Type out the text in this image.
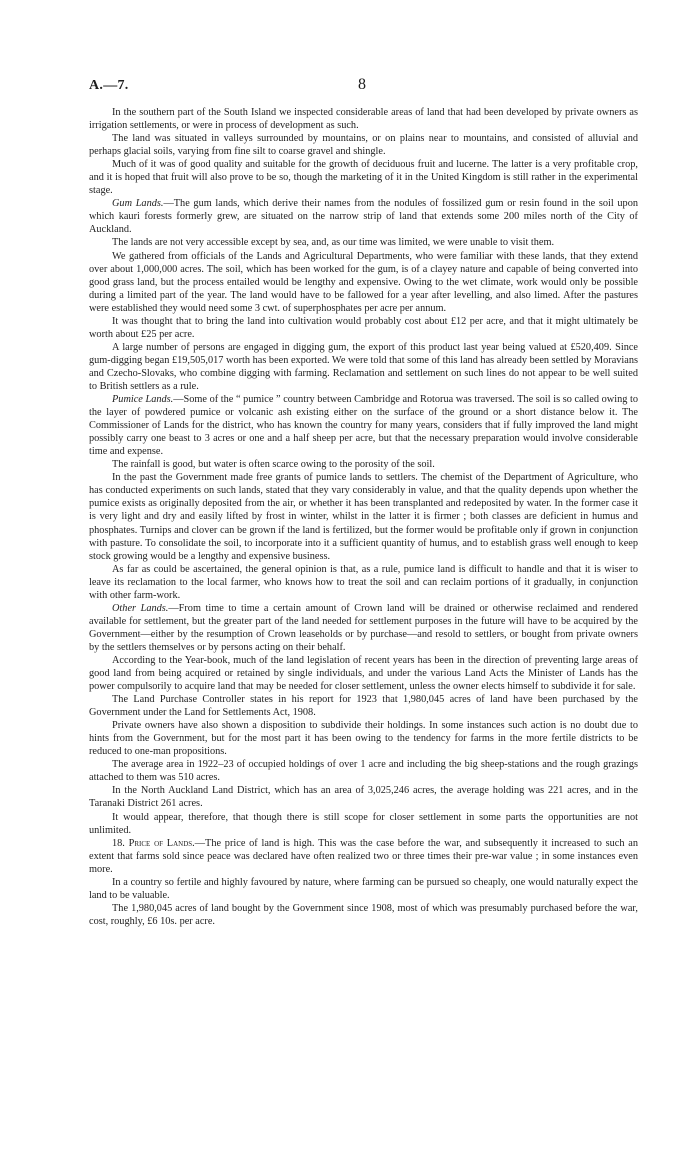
A.—7.	8

In the southern part of the South Island we inspected considerable areas of land that had been developed by private owners as irrigation settlements, or were in process of development as such.

The land was situated in valleys surrounded by mountains, or on plains near to mountains, and consisted of alluvial and perhaps glacial soils, varying from fine silt to coarse gravel and shingle.

Much of it was of good quality and suitable for the growth of deciduous fruit and lucerne. The latter is a very profitable crop, and it is hoped that fruit will also prove to be so, though the marketing of it in the United Kingdom is still rather in the experimental stage.

Gum Lands.—The gum lands, which derive their names from the nodules of fossilized gum or resin found in the soil upon which kauri forests formerly grew, are situated on the narrow strip of land that extends some 200 miles north of the City of Auckland.

The lands are not very accessible except by sea, and, as our time was limited, we were unable to visit them.

We gathered from officials of the Lands and Agricultural Departments, who were familiar with these lands, that they extend over about 1,000,000 acres. The soil, which has been worked for the gum, is of a clayey nature and capable of being converted into good grass land, but the process entailed would be lengthy and expensive. Owing to the wet climate, work would only be possible during a limited part of the year. The land would have to be fallowed for a year after levelling, and also limed. After the pastures were established they would need some 3 cwt. of superphosphates per acre per annum.

It was thought that to bring the land into cultivation would probably cost about £12 per acre, and that it might ultimately be worth about £25 per acre.

A large number of persons are engaged in digging gum, the export of this product last year being valued at £520,409. Since gum-digging began £19,505,017 worth has been exported. We were told that some of this land has already been settled by Moravians and Czecho-Slovaks, who combine digging with farming. Reclamation and settlement on such lines do not appear to be well suited to British settlers as a rule.

Pumice Lands.—Some of the “ pumice ” country between Cambridge and Rotorua was traversed. The soil is so called owing to the layer of powdered pumice or volcanic ash existing either on the surface of the ground or a short distance below it. The Commissioner of Lands for the district, who has known the country for many years, considers that if fully improved the land might possibly carry one beast to 3 acres or one and a half sheep per acre, but that the necessary preparation would involve considerable time and expense.

The rainfall is good, but water is often scarce owing to the porosity of the soil.

In the past the Government made free grants of pumice lands to settlers. The chemist of the Department of Agriculture, who has conducted experiments on such lands, stated that they vary considerably in value, and that the quality depends upon whether the pumice exists as originally deposited from the air, or whether it has been transplanted and redeposited by water. In the former case it is very light and dry and easily lifted by frost in winter, whilst in the latter it is firmer ; both classes are deficient in humus and phosphates. Turnips and clover can be grown if the land is fertilized, but the former would be profitable only if grown in conjunction with pasture. To consolidate the soil, to incorporate into it a sufficient quantity of humus, and to establish grass well enough to keep stock growing would be a lengthy and expensive business.

As far as could be ascertained, the general opinion is that, as a rule, pumice land is difficult to handle and that it is wiser to leave its reclamation to the local farmer, who knows how to treat the soil and can reclaim portions of it gradually, in conjunction with other farm-work.

Other Lands.—From time to time a certain amount of Crown land will be drained or otherwise reclaimed and rendered available for settlement, but the greater part of the land needed for settlement purposes in the future will have to be acquired by the Government—either by the resumption of Crown leaseholds or by purchase—and resold to settlers, or bought from private owners by the settlers themselves or by persons acting on their behalf.

According to the Year-book, much of the land legislation of recent years has been in the direction of preventing large areas of good land from being acquired or retained by single individuals, and under the various Land Acts the Minister of Lands has the power compulsorily to acquire land that may be needed for closer settlement, unless the owner elects himself to subdivide it for sale.

The Land Purchase Controller states in his report for 1923 that 1,980,045 acres of land have been purchased by the Government under the Land for Settlements Act, 1908.

Private owners have also shown a disposition to subdivide their holdings. In some instances such action is no doubt due to hints from the Government, but for the most part it has been owing to the tendency for farms in the more fertile districts to be reduced to one-man propositions.

The average area in 1922–23 of occupied holdings of over 1 acre and including the big sheep-stations and the rough grazings attached to them was 510 acres.

In the North Auckland Land District, which has an area of 3,025,246 acres, the average holding was 221 acres, and in the Taranaki District 261 acres.

It would appear, therefore, that though there is still scope for closer settlement in some parts the opportunities are not unlimited.

18. Price of Lands.—The price of land is high. This was the case before the war, and subsequently it increased to such an extent that farms sold since peace was declared have often realized two or three times their pre-war value ; in some instances even more.

In a country so fertile and highly favoured by nature, where farming can be pursued so cheaply, one would naturally expect the land to be valuable.

The 1,980,045 acres of land bought by the Government since 1908, most of which was presumably purchased before the war, cost, roughly, £6 10s. per acre.
